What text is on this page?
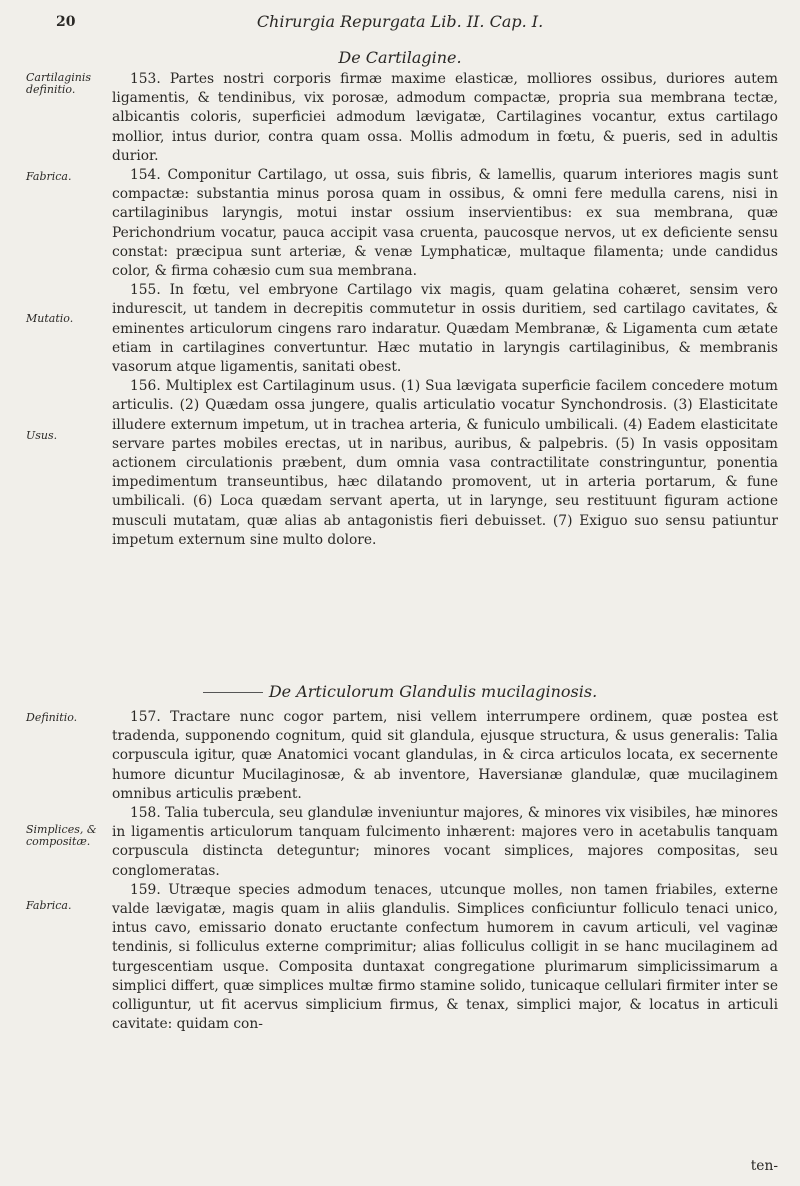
20	Chirurgia Repurgata Lib. II. Cap. I.
De Cartilagine.
Cartilaginis definitio.
Fabrica.
Mutatio.
Usus.
Definitio.
Simplices, & compositæ.
Fabrica.

153. Partes nostri corporis firmæ maxime elasticæ, molliores ossibus, duriores autem ligamentis, & tendinibus, vix porosæ, admodum compactæ, propria sua membrana tectæ, albicantis coloris, superficiei admodum lævigatæ, Cartilagines vocantur, extus cartilago mollior, intus durior, contra quam ossa. Mollis admodum in fœtu, & pueris, sed in adultis durior.

154. Componitur Cartilago, ut ossa, suis fibris, & lamellis, quarum interiores magis sunt compactæ: substantia minus porosa quam in ossibus, & omni fere medulla carens, nisi in cartilaginibus laryngis, motui instar ossium inservientibus: ex sua membrana, quæ Perichondrium vocatur, pauca accipit vasa cruenta, paucosque nervos, ut ex deficiente sensu constat: præcipua sunt arteriæ, & venæ Lymphaticæ, multaque filamenta; unde candidus color, & firma cohæsio cum sua membrana.

155. In fœtu, vel embryone Cartilago vix magis, quam gelatina cohæret, sensim vero indurescit, ut tandem in decrepitis commutetur in ossis duritiem, sed cartilago cavitates, & eminentes articulorum cingens raro indaratur. Quædam Membranæ, & Ligamenta cum ætate etiam in cartilagines convertuntur. Hæc mutatio in laryngis cartilaginibus, & membranis vasorum atque ligamentis, sanitati obest.

156. Multiplex est Cartilaginum usus. (1) Sua lævigata superficie facilem concedere motum articulis. (2) Quædam ossa jungere, qualis articulatio vocatur Synchondrosis. (3) Elasticitate illudere externum impetum, ut in trachea arteria, & funiculo umbilicali. (4) Eadem elasticitate servare partes mobiles erectas, ut in naribus, auribus, & palpebris. (5) In vasis oppositam actionem circulationis præbent, dum omnia vasa contractilitate constringuntur, ponentia impedimentum transeuntibus, hæc dilatando promovent, ut in arteria portarum, & fune umbilicali. (6) Loca quædam servant aperta, ut in larynge, seu restituunt figuram actione musculi mutatam, quæ alias ab antagonistis fieri debuisset. (7) Exiguo suo sensu patiuntur impetum externum sine multo dolore.

De Articulorum Glandulis mucilaginosis.

157. Tractare nunc cogor partem, nisi vellem interrumpere ordinem, quæ postea est tradenda, supponendo cognitum, quid sit glandula, ejusque structura, & usus generalis: Talia corpuscula igitur, quæ Anatomici vocant glandulas, in & circa articulos locata, ex secernente humore dicuntur Mucilaginosæ, & ab inventore, Haversianæ glandulæ, quæ mucilaginem omnibus articulis præbent.

158. Talia tubercula, seu glandulæ inveniuntur majores, & minores vix visibiles, hæ minores in ligamentis articulorum tanquam fulcimento inhærent: majores vero in acetabulis tanquam corpuscula distincta deteguntur; minores vocant simplices, majores compositas, seu conglomeratas.

159. Utræque species admodum tenaces, utcunque molles, non tamen friabiles, externe valde lævigatæ, magis quam in aliis glandulis. Simplices conficiuntur folliculo tenaci unico, intus cavo, emissario donato eructante confectum humorem in cavum articuli, vel vaginæ tendinis, si folliculus externe comprimitur; alias folliculus colligit in se hanc mucilaginem ad turgescentiam usque. Composita duntaxat congregatione plurimarum simplicissimarum a simplici differt, quæ simplices multæ firmo stamine solido, tunicaque cellulari firmiter inter se colliguntur, ut fit acervus simplicium firmus, & tenax, simplici major, & locatus in articuli cavitate: quidam con-

ten-
